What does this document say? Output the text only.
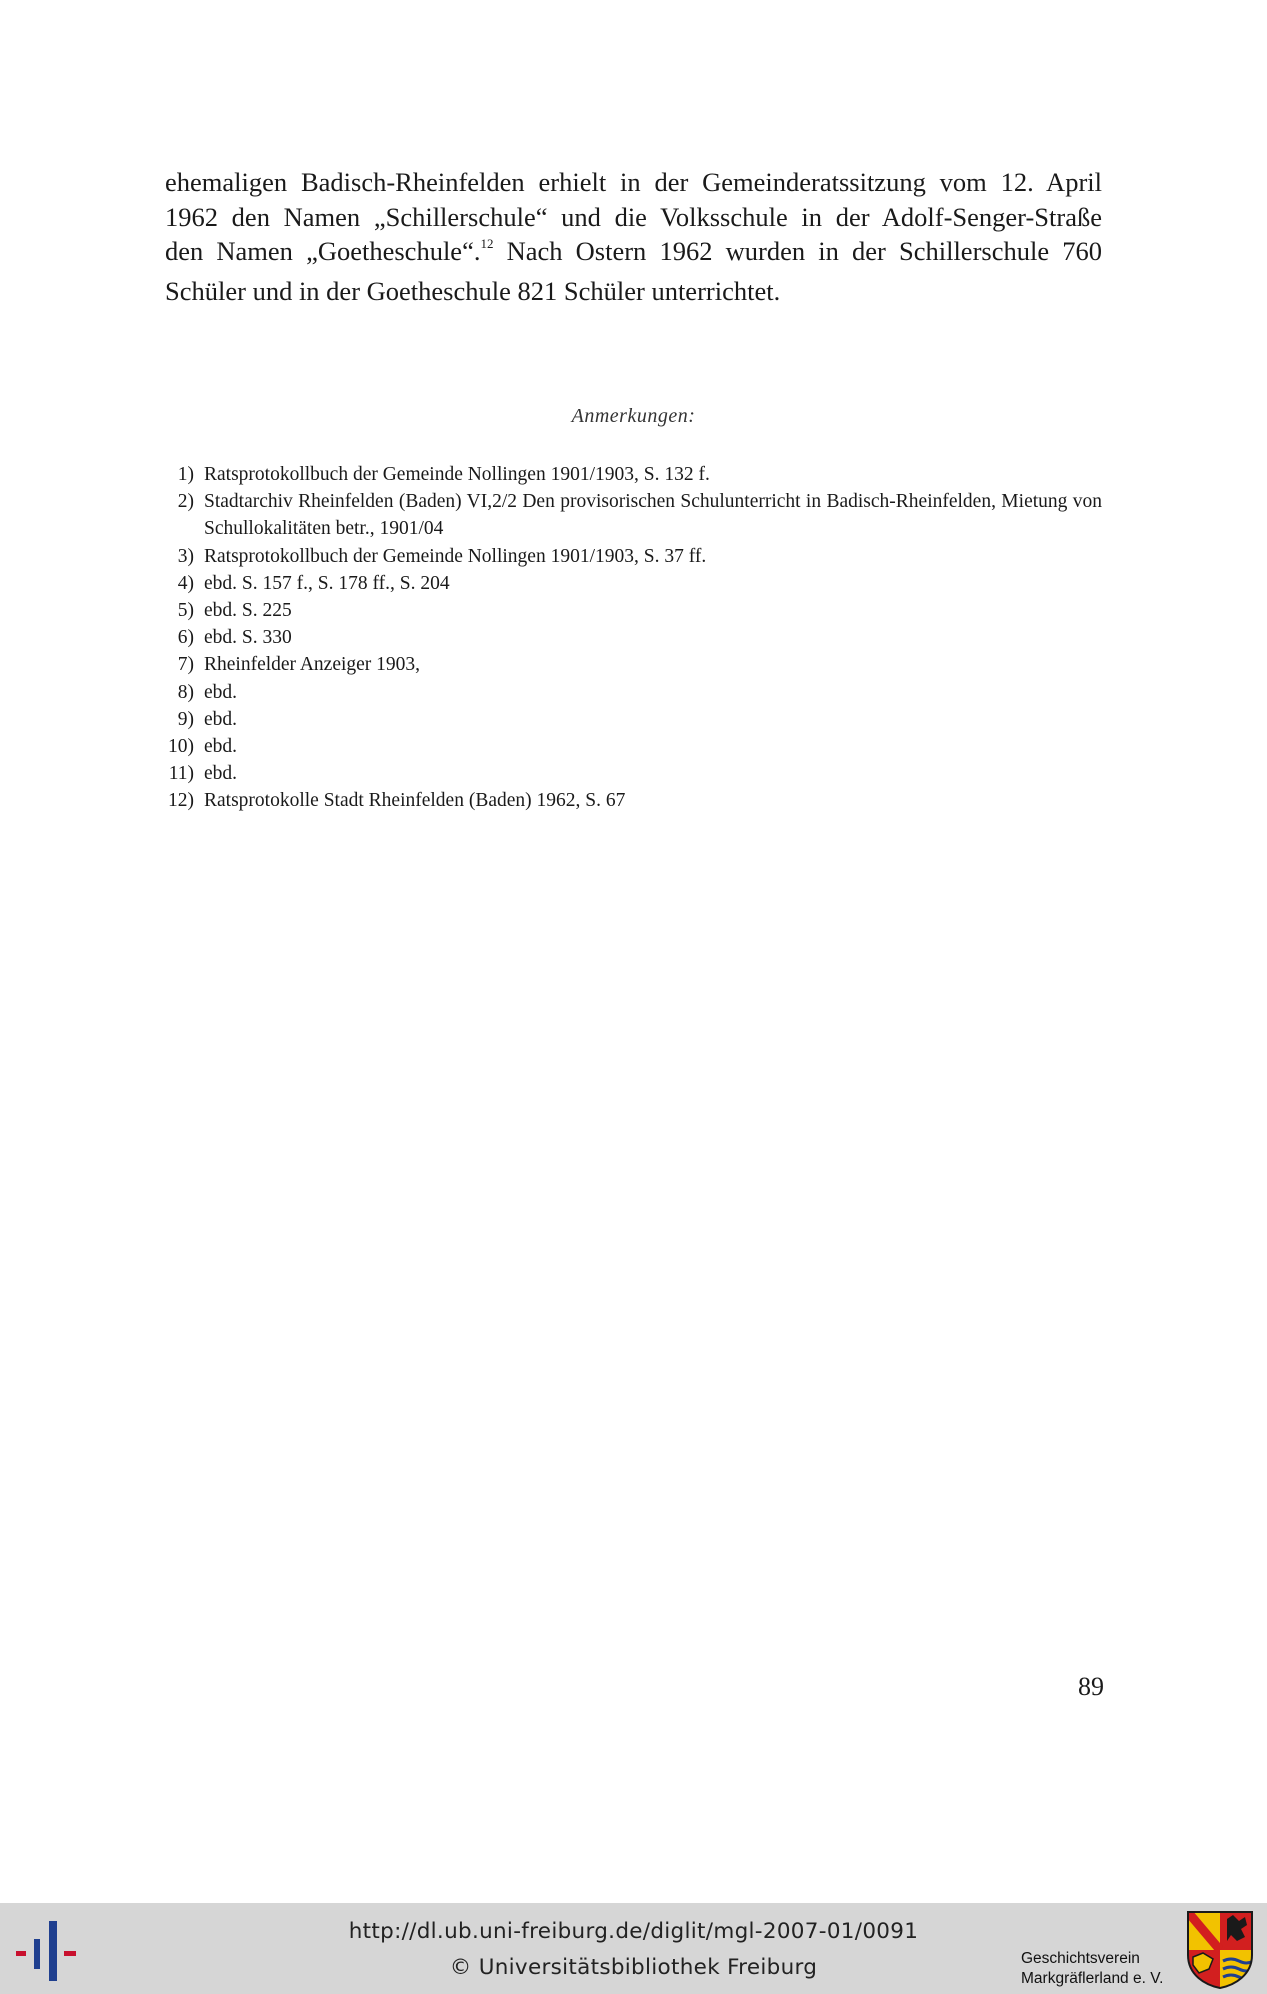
ehemaligen Badisch-Rheinfelden erhielt in der Gemeinderatssitzung vom 12. April
1962 den Namen „Schillerschule“ und die Volksschule in der Adolf-Senger-Straße
den Namen „Goetheschule“.$^{12}$ Nach Ostern 1962 wurden in der Schillerschule 760
Schüler und in der Goetheschule 821 Schüler unterrichtet.

Anmerkungen:

1) Ratsprotokollbuch der Gemeinde Nollingen 1901/1903, S. 132 f.
2) Stadtarchiv Rheinfelden (Baden) VI,2/2 Den provisorischen Schulunterricht in Badisch-Rheinfelden, Mietung von Schullokalitäten betr., 1901/04
3) Ratsprotokollbuch der Gemeinde Nollingen 1901/1903, S. 37 ff.
4) ebd. S. 157 f., S. 178 ff., S. 204
5) ebd. S. 225
6) ebd. S. 330
7) Rheinfelder Anzeiger 1903,
8) ebd.
9) ebd.
10) ebd.
11) ebd.
12) Ratsprotokolle Stadt Rheinfelden (Baden) 1962, S. 67

89

http://dl.ub.uni-freiburg.de/diglit/mgl-2007-01/0091
© Universitätsbibliothek Freiburg	Geschichtsverein
Markgräflerland e. V.
